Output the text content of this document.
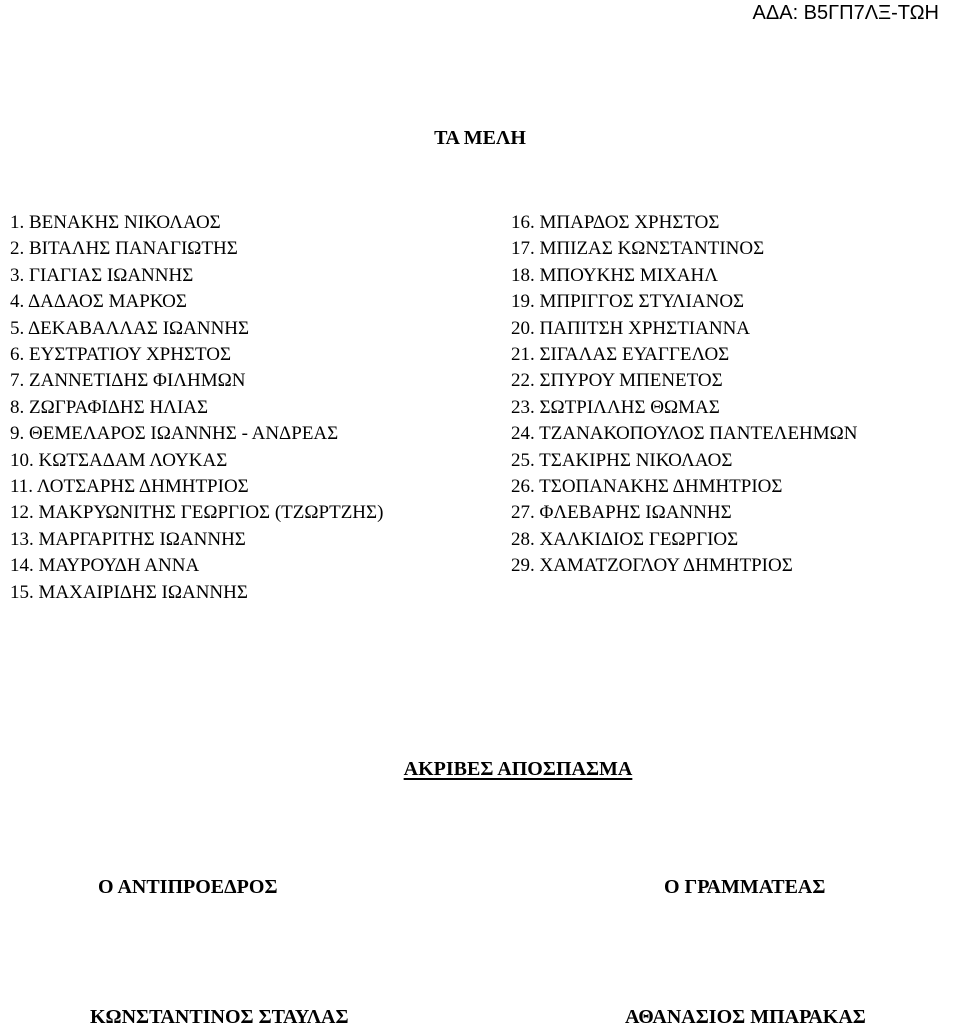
ΑΔΑ: Β5ΓΠ7ΛΞ-ΤΩΗ
ΤΑ ΜΕΛΗ
1. ΒΕΝΑΚΗΣ ΝΙΚΟΛΑΟΣ
2. ΒΙΤΑΛΗΣ ΠΑΝΑΓΙΩΤΗΣ
3. ΓΙΑΓΙΑΣ ΙΩΑΝΝΗΣ
4. ΔΑΔΑΟΣ ΜΑΡΚΟΣ
5. ΔΕΚΑΒΑΛΛΑΣ ΙΩΑΝΝΗΣ
6. ΕΥΣΤΡΑΤΙΟΥ ΧΡΗΣΤΟΣ
7. ΖΑΝΝΕΤΙΔΗΣ ΦΙΛΗΜΩΝ
8. ΖΩΓΡΑΦΙΔΗΣ ΗΛΙΑΣ
9. ΘΕΜΕΛΑΡΟΣ ΙΩΑΝΝΗΣ - ΑΝΔΡΕΑΣ
10. ΚΩΤΣΑΔΑΜ ΛΟΥΚΑΣ
11. ΛΟΤΣΑΡΗΣ ΔΗΜΗΤΡΙΟΣ
12. ΜΑΚΡΥΩΝΙΤΗΣ ΓΕΩΡΓΙΟΣ (ΤΖΩΡΤΖΗΣ)
13. ΜΑΡΓΑΡΙΤΗΣ ΙΩΑΝΝΗΣ
14. ΜΑΥΡΟΥΔΗ ΑΝΝΑ
15. ΜΑΧΑΙΡΙΔΗΣ ΙΩΑΝΝΗΣ
16. ΜΠΑΡΔΟΣ ΧΡΗΣΤΟΣ
17. ΜΠΙΖΑΣ ΚΩΝΣΤΑΝΤΙΝΟΣ
18. ΜΠΟΥΚΗΣ ΜΙΧΑΗΛ
19. ΜΠΡΙΓΓΟΣ ΣΤΥΛΙΑΝΟΣ
20. ΠΑΠΙΤΣΗ ΧΡΗΣΤΙΑΝΝΑ
21. ΣΙΓΑΛΑΣ ΕΥΑΓΓΕΛΟΣ
22. ΣΠΥΡΟΥ ΜΠΕΝΕΤΟΣ
23. ΣΩΤΡΙΛΛΗΣ ΘΩΜΑΣ
24. ΤΖΑΝΑΚΟΠΟΥΛΟΣ ΠΑΝΤΕΛΕΗΜΩΝ
25. ΤΣΑΚΙΡΗΣ ΝΙΚΟΛΑΟΣ
26. ΤΣΟΠΑΝΑΚΗΣ ΔΗΜΗΤΡΙΟΣ
27. ΦΛΕΒΑΡΗΣ ΙΩΑΝΝΗΣ
28. ΧΑΛΚΙΔΙΟΣ ΓΕΩΡΓΙΟΣ
29. ΧΑΜΑΤΖΟΓΛΟΥ ΔΗΜΗΤΡΙΟΣ
ΑΚΡΙΒΕΣ ΑΠΟΣΠΑΣΜΑ
Ο ΑΝΤΙΠΡΟΕΔΡΟΣ	Ο ΓΡΑΜΜΑΤΕΑΣ
ΚΩΝΣΤΑΝΤΙΝΟΣ ΣΤΑΥΛΑΣ	ΑΘΑΝΑΣΙΟΣ ΜΠΑΡΑΚΑΣ
